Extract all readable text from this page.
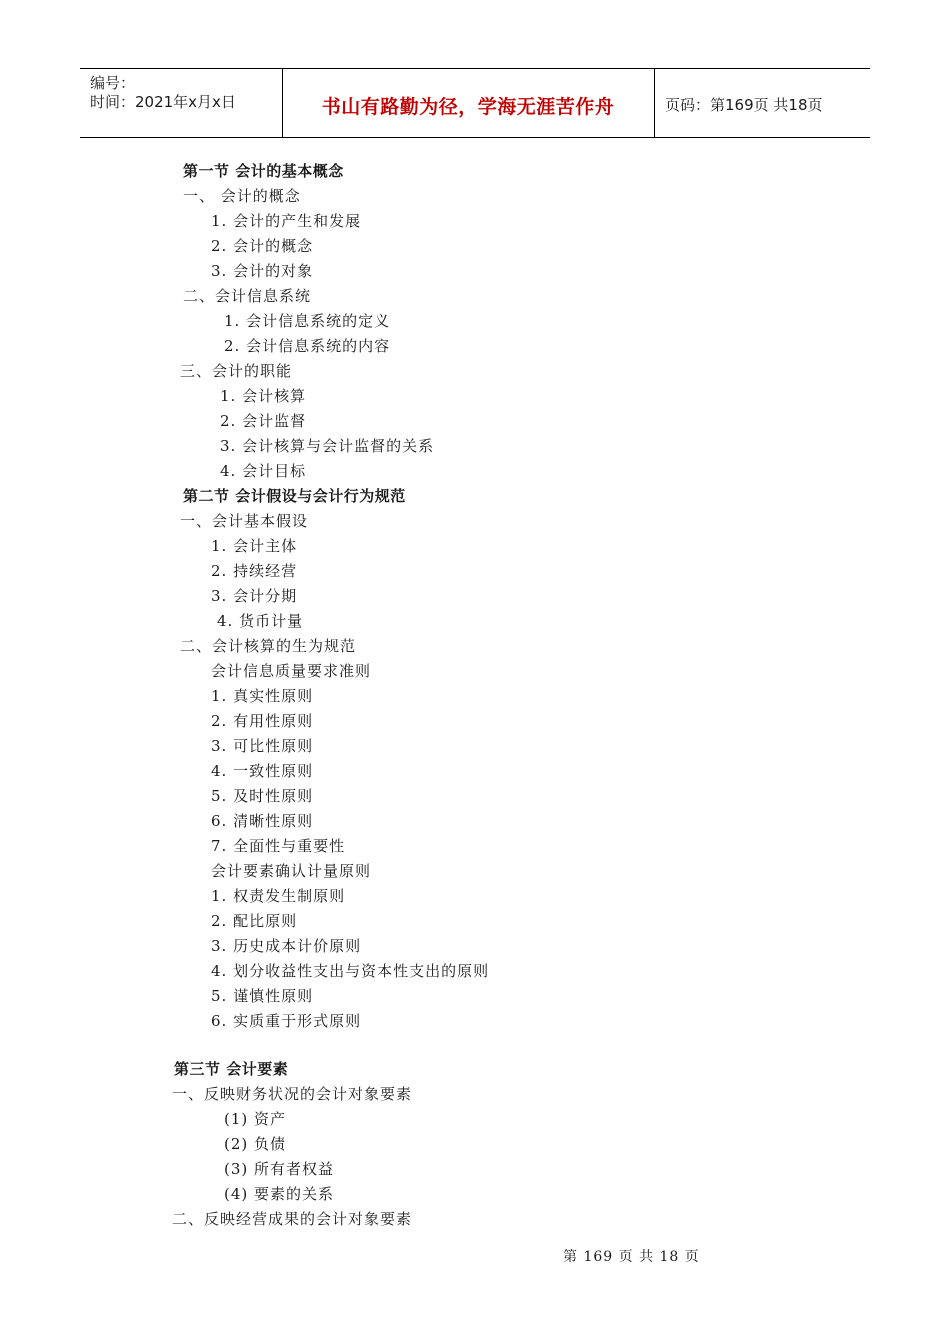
编号：
时间：2021年x月x日	书山有路勤为径，学海无涯苦作舟	页码：第169页 共18页
第一节 会计的基本概念
一、 会计的概念
1. 会计的产生和发展
2. 会计的概念
3. 会计的对象
二、会计信息系统
1. 会计信息系统的定义
2. 会计信息系统的内容
三、会计的职能
1. 会计核算
2. 会计监督
3. 会计核算与会计监督的关系
4. 会计目标
第二节 会计假设与会计行为规范
一、会计基本假设
1. 会计主体
2. 持续经营
3. 会计分期
4. 货币计量
二、会计核算的生为规范
会计信息质量要求准则
1. 真实性原则
2. 有用性原则
3. 可比性原则
4. 一致性原则
5. 及时性原则
6. 清晰性原则
7. 全面性与重要性
会计要素确认计量原则
1. 权责发生制原则
2. 配比原则
3. 历史成本计价原则
4. 划分收益性支出与资本性支出的原则
5. 谨慎性原则
6. 实质重于形式原则
第三节 会计要素
一、反映财务状况的会计对象要素
(1) 资产
(2) 负债
(3) 所有者权益
(4) 要素的关系
二、反映经营成果的会计对象要素
第 169 页 共 18 页
